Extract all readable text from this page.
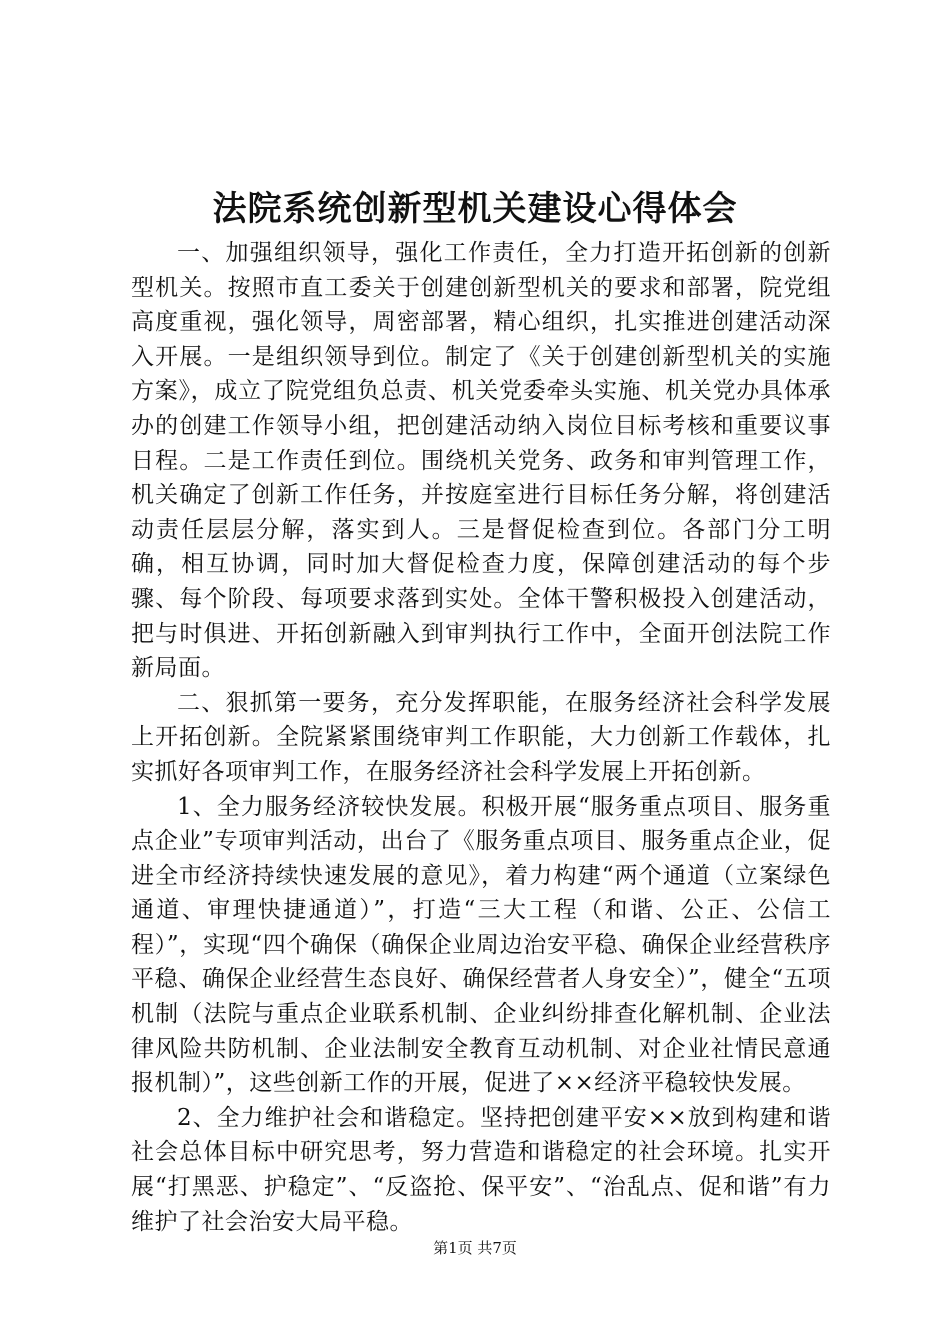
法院系统创新型机关建设心得体会

一、加强组织领导，强化工作责任，全力打造开拓创新的创新型机关。按照市直工委关于创建创新型机关的要求和部署，院党组高度重视，强化领导，周密部署，精心组织，扎实推进创建活动深入开展。一是组织领导到位。制定了《关于创建创新型机关的实施方案》，成立了院党组负总责、机关党委牵头实施、机关党办具体承办的创建工作领导小组，把创建活动纳入岗位目标考核和重要议事日程。二是工作责任到位。围绕机关党务、政务和审判管理工作，机关确定了创新工作任务，并按庭室进行目标任务分解，将创建活动责任层层分解，落实到人。三是督促检查到位。各部门分工明确，相互协调，同时加大督促检查力度，保障创建活动的每个步骤、每个阶段、每项要求落到实处。全体干警积极投入创建活动，把与时俱进、开拓创新融入到审判执行工作中，全面开创法院工作新局面。

二、狠抓第一要务，充分发挥职能，在服务经济社会科学发展上开拓创新。全院紧紧围绕审判工作职能，大力创新工作载体，扎实抓好各项审判工作，在服务经济社会科学发展上开拓创新。

1、全力服务经济较快发展。积极开展“服务重点项目、服务重点企业”专项审判活动，出台了《服务重点项目、服务重点企业，促进全市经济持续快速发展的意见》，着力构建“两个通道（立案绿色通道、审理快捷通道）”，打造“三大工程（和谐、公正、公信工程）”，实现“四个确保（确保企业周边治安平稳、确保企业经营秩序平稳、确保企业经营生态良好、确保经营者人身安全）”，健全“五项机制（法院与重点企业联系机制、企业纠纷排查化解机制、企业法律风险共防机制、企业法制安全教育互动机制、对企业社情民意通报机制）”，这些创新工作的开展，促进了××经济平稳较快发展。

2、全力维护社会和谐稳定。坚持把创建平安××放到构建和谐社会总体目标中研究思考，努力营造和谐稳定的社会环境。扎实开展“打黑恶、护稳定”、“反盗抢、保平安”、“治乱点、促和谐”有力维护了社会治安大局平稳。

第1页 共7页
